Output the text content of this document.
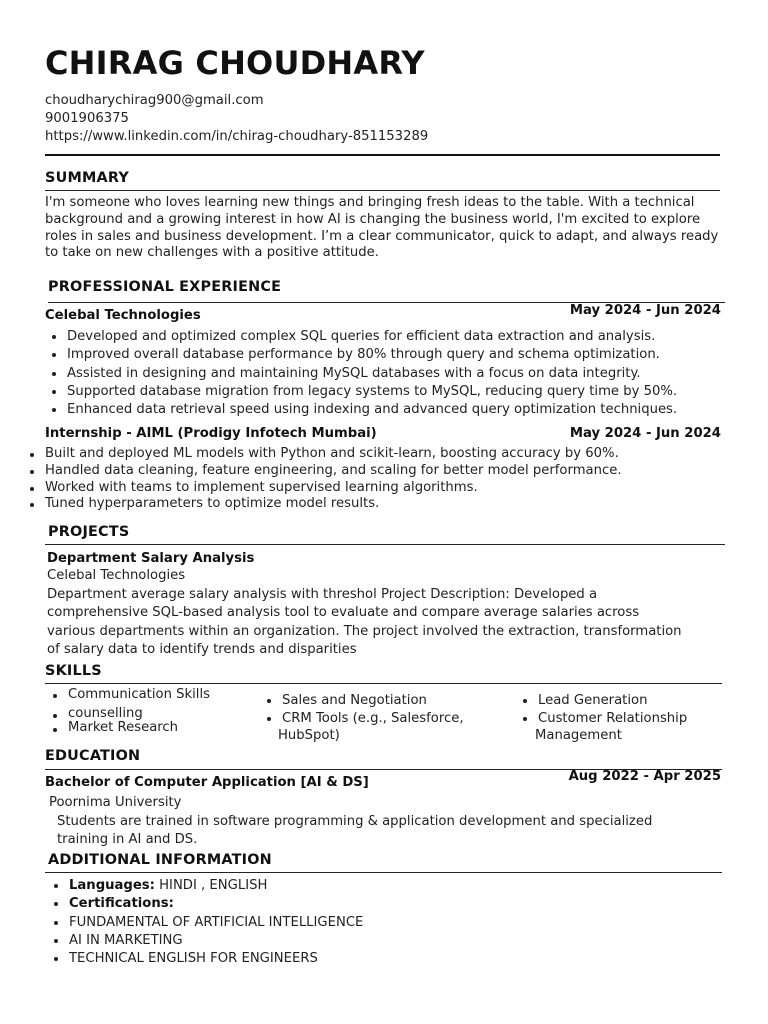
CHIRAG CHOUDHARY
choudharychirag900@gmail.com
9001906375
https://www.linkedin.com/in/chirag-choudhary-851153289
SUMMARY
I'm someone who loves learning new things and bringing fresh ideas to the table. With a technical
background and a growing interest in how AI is changing the business world, I'm excited to explore
roles in sales and business development. I’m a clear communicator, quick to adapt, and always ready
to take on new challenges with a positive attitude.
PROFESSIONAL EXPERIENCE
Celebal Technologies	May 2024 - Jun 2024
Developed and optimized complex SQL queries for efficient data extraction and analysis.
Improved overall database performance by 80% through query and schema optimization.
Assisted in designing and maintaining MySQL databases with a focus on data integrity.
Supported database migration from legacy systems to MySQL, reducing query time by 50%.
Enhanced data retrieval speed using indexing and advanced query optimization techniques.
Internship - AIML (Prodigy Infotech Mumbai)	May 2024 - Jun 2024
Built and deployed ML models with Python and scikit-learn, boosting accuracy by 60%.
Handled data cleaning, feature engineering, and scaling for better model performance.
Worked with teams to implement supervised learning algorithms.
Tuned hyperparameters to optimize model results.
PROJECTS
Department Salary Analysis
Celebal Technologies
Department average salary analysis with threshol Project Description: Developed a
comprehensive SQL-based analysis tool to evaluate and compare average salaries across
various departments within an organization. The project involved the extraction, transformation
of salary data to identify trends and disparities
SKILLS
Communication Skills
counselling
Market Research
Sales and Negotiation
CRM Tools (e.g., Salesforce,
HubSpot)
Lead Generation
Customer Relationship
Management
EDUCATION
Bachelor of Computer Application [AI & DS]	Aug 2022 - Apr 2025
Poornima University
Students are trained in software programming & application development and specialized
training in AI and DS.
ADDITIONAL INFORMATION
Languages: HINDI , ENGLISH
Certifications:
FUNDAMENTAL OF ARTIFICIAL INTELLIGENCE
AI IN MARKETING
TECHNICAL ENGLISH FOR ENGINEERS
